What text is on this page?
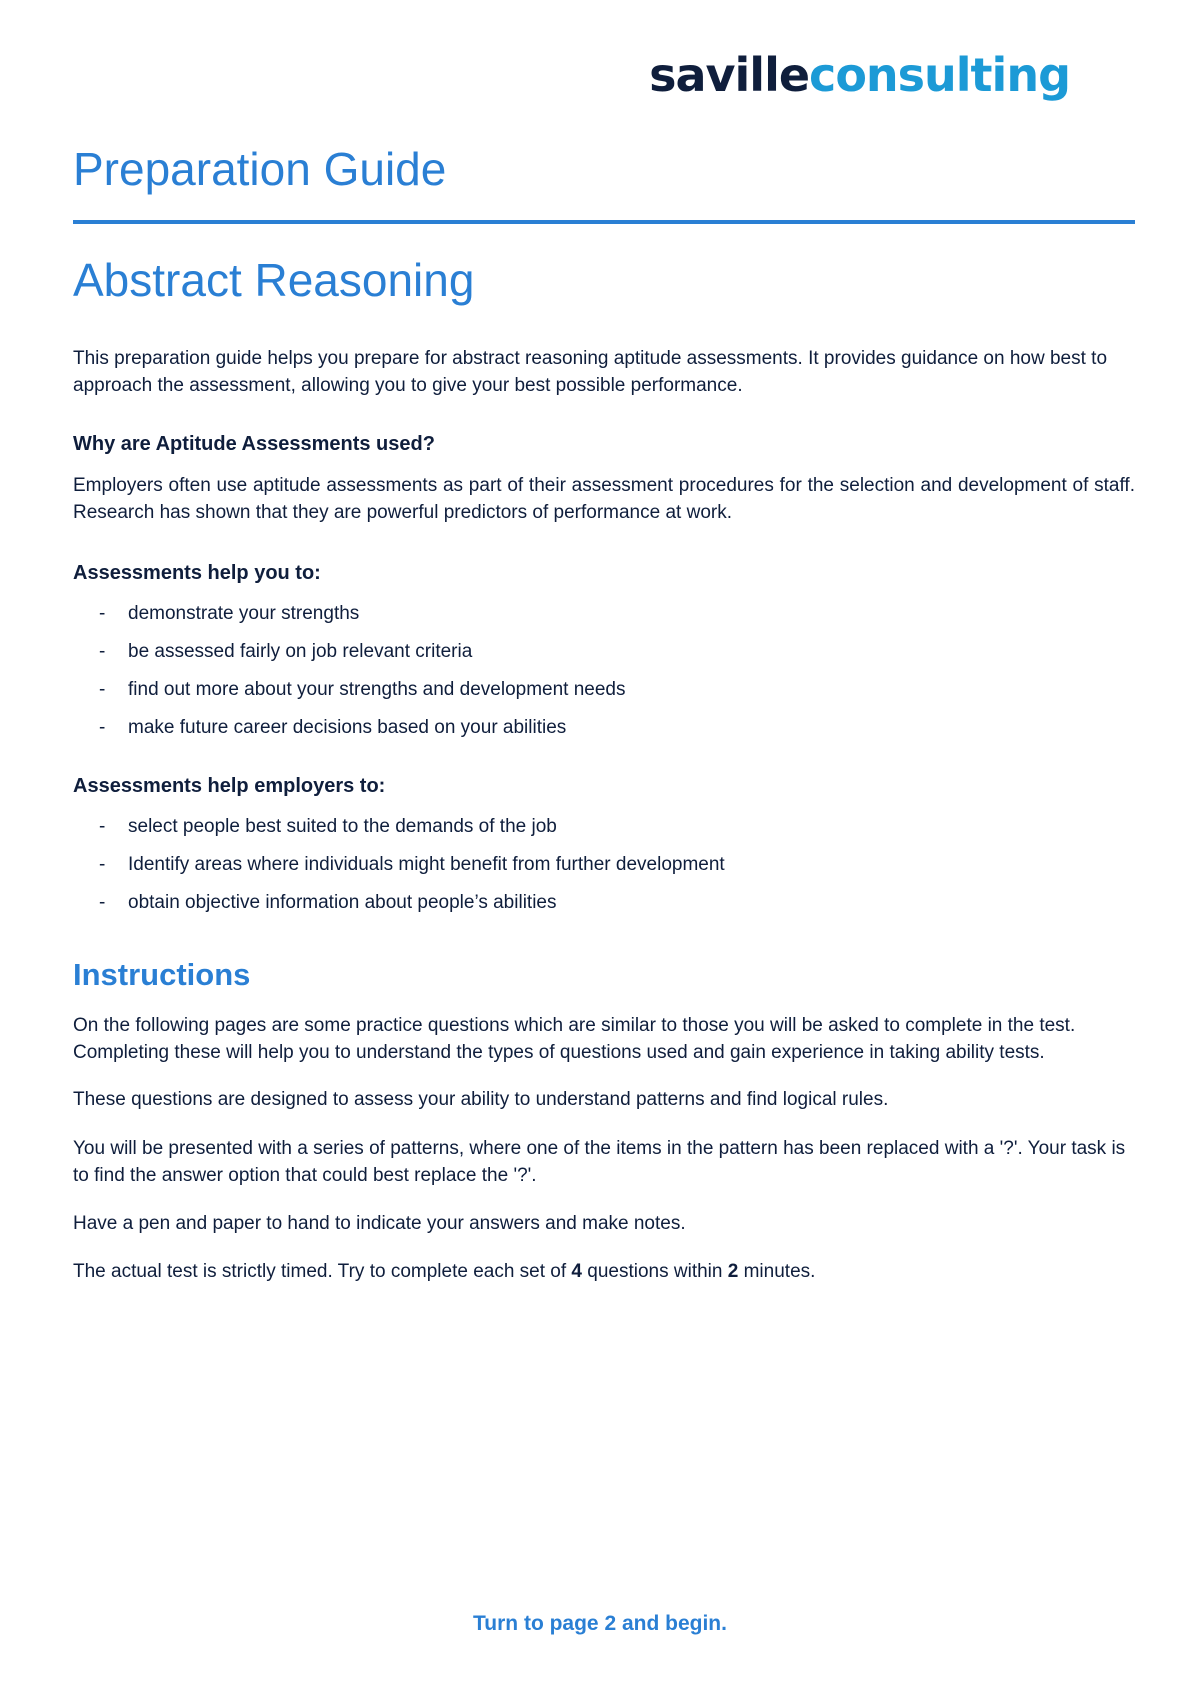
savilleconsulting
Preparation Guide
Abstract Reasoning

This preparation guide helps you prepare for abstract reasoning aptitude assessments. It provides guidance on how best to approach the assessment, allowing you to give your best possible performance.

Why are Aptitude Assessments used?

Employers often use aptitude assessments as part of their assessment procedures for the selection and development of staff. Research has shown that they are powerful predictors of performance at work.

Assessments help you to:
- demonstrate your strengths
- be assessed fairly on job relevant criteria
- find out more about your strengths and development needs
- make future career decisions based on your abilities
Assessments help employers to:
- select people best suited to the demands of the job
- Identify areas where individuals might benefit from further development
- obtain objective information about people’s abilities
Instructions

On the following pages are some practice questions which are similar to those you will be asked to complete in the test. Completing these will help you to understand the types of questions used and gain experience in taking ability tests.

These questions are designed to assess your ability to understand patterns and find logical rules.

You will be presented with a series of patterns, where one of the items in the pattern has been replaced with a '?'. Your task is to find the answer option that could best replace the '?'.

Have a pen and paper to hand to indicate your answers and make notes.

The actual test is strictly timed. Try to complete each set of 4 questions within 2 minutes.

Turn to page 2 and begin.
